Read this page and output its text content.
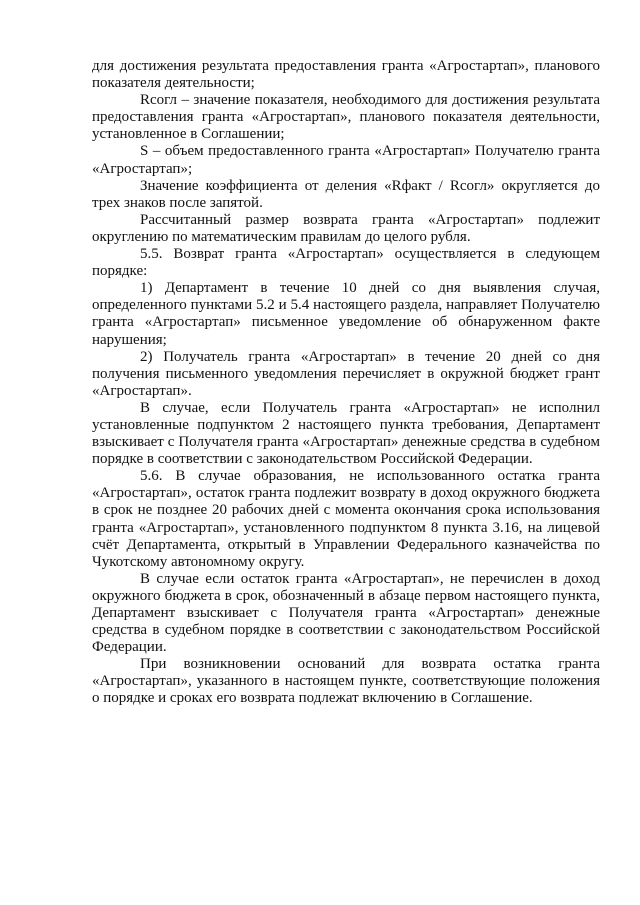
для достижения результата предоставления гранта «Агростартап», планового показателя деятельности;

Rсогл – значение показателя, необходимого для достижения результата предоставления гранта «Агростартап», планового показателя деятельности, установленное в Соглашении;

S – объем предоставленного гранта «Агростартап» Получателю гранта «Агростартап»;

Значение коэффициента от деления «Rфакт / Rсогл» округляется до трех знаков после запятой.

Рассчитанный размер возврата гранта «Агростартап» подлежит округлению по математическим правилам до целого рубля.

5.5. Возврат гранта «Агростартап» осуществляется в следующем порядке:

1) Департамент в течение 10 дней со дня выявления случая, определенного пунктами 5.2 и 5.4 настоящего раздела, направляет Получателю гранта «Агростартап» письменное уведомление об обнаруженном факте нарушения;

2) Получатель гранта «Агростартап» в течение 20 дней со дня получения письменного уведомления перечисляет в окружной бюджет грант «Агростартап».

В случае, если Получатель гранта «Агростартап» не исполнил установленные подпунктом 2 настоящего пункта требования, Департамент взыскивает с Получателя гранта «Агростартап» денежные средства в судебном порядке в соответствии с законодательством Российской Федерации.

5.6. В случае образования, не использованного остатка гранта «Агростартап», остаток гранта подлежит возврату в доход окружного бюджета в срок не позднее 20 рабочих дней с момента окончания срока использования гранта «Агростартап», установленного подпунктом 8 пункта 3.16, на лицевой счёт Департамента, открытый в Управлении Федерального казначейства по Чукотскому автономному округу.

В случае если остаток гранта «Агростартап», не перечислен в доход окружного бюджета в срок, обозначенный в абзаце первом настоящего пункта, Департамент взыскивает с Получателя гранта «Агростартап» денежные средства в судебном порядке в соответствии с законодательством Российской Федерации.

При возникновении оснований для возврата остатка гранта «Агростартап», указанного в настоящем пункте, соответствующие положения о порядке и сроках его возврата подлежат включению в Соглашение.
